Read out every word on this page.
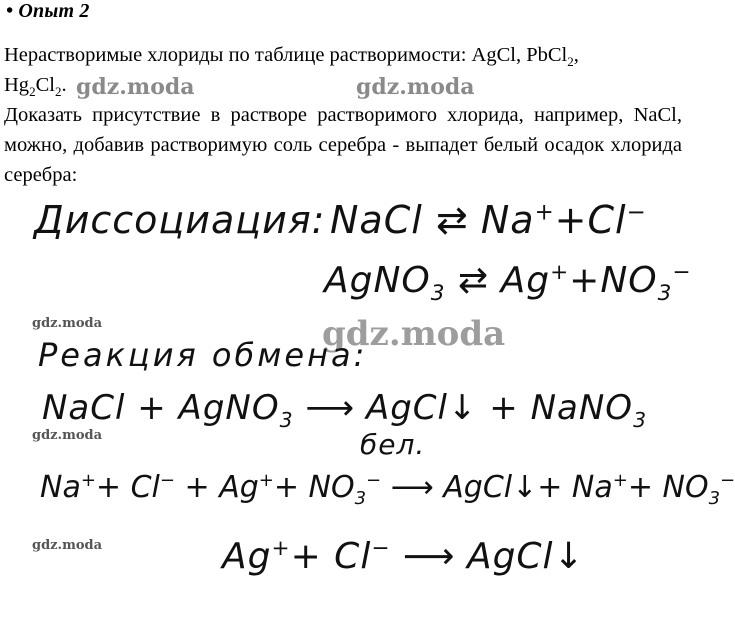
• Опыт 2
Нерастворимые хлориды по таблице растворимости: AgCl, PbCl$_2$,
$Hg_2Cl_2$. gdz.moda	gdz.moda
Доказать присутствие в растворе растворимого хлорида, например, NaCl, можно, добавив растворимую соль серебра - выпадет белый осадок хлорида серебра:
Диссоциация: NaCl ⇄ Na++Cl−
AgNO$_3$ ⇄ $Ag^++NO_3^-$
gdz.moda	gdz.moda
Реакция обмена:
NaCl + AgNO$_3$ ⟶ AgCl↓ + NaNO$_3$
gdz.moda	бел.
$Na^++ Cl^- + Ag^++ NO_3^-$ ⟶ AgCl↓+ $Na^++ NO_3^-$
gdz.moda	Ag++ Cl− ⟶ AgCl↓
